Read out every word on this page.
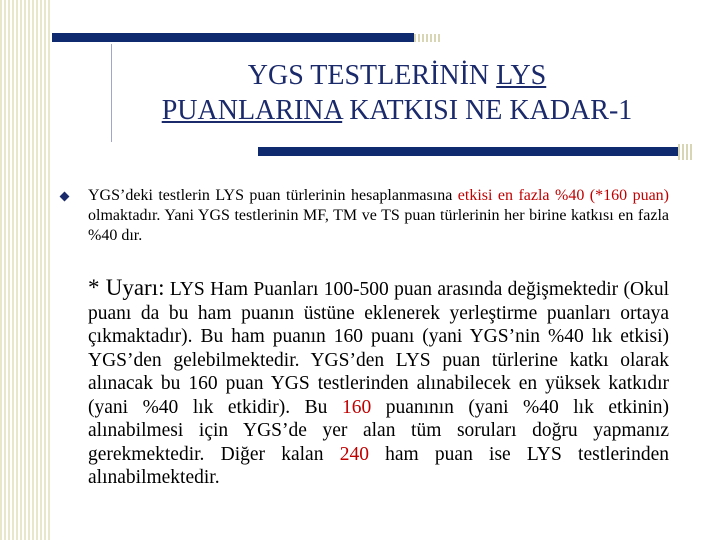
YGS TESTLERİNİN LYS
PUANLARINA KATKISI NE KADAR-1

YGS’deki testlerin LYS puan türlerinin hesaplanmasına etkisi en fazla %40 (*160 puan) olmaktadır. Yani YGS testlerinin MF, TM ve TS puan türlerinin her birine katkısı en fazla %40 dır.

* Uyarı: LYS Ham Puanları 100-500 puan arasında değişmektedir (Okul puanı da bu ham puanın üstüne eklenerek yerleştirme puanları ortaya çıkmaktadır). Bu ham puanın 160 puanı (yani YGS’nin %40 lık etkisi) YGS’den gelebilmektedir. YGS’den LYS puan türlerine katkı olarak alınacak bu 160 puan YGS testlerinden alınabilecek en yüksek katkıdır (yani %40 lık etkidir). Bu 160 puanının (yani %40 lık etkinin) alınabilmesi için YGS’de yer alan tüm soruları doğru yapmanız gerekmektedir. Diğer kalan 240 ham puan ise LYS testlerinden alınabilmektedir.
